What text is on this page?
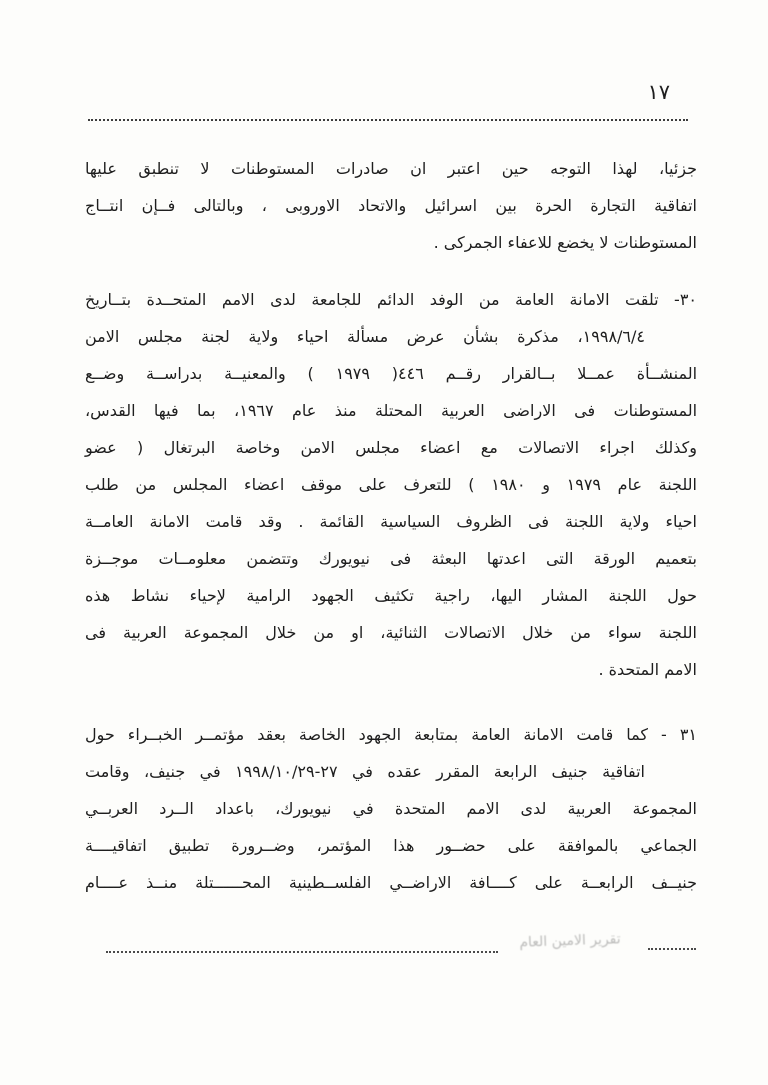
١٧
جزئيا، لهذا التوجه حين اعتبر ان صادرات المستوطنات لا تنطبق عليها
اتفاقية التجارة الحرة بين اسرائيل والاتحاد الاوروبى ، وبالتالى فــإن انتــاج
المستوطنات لا يخضع للاعفاء الجمركى .
٣٠- تلقت الامانة العامة من الوفد الدائم للجامعة لدى الامم المتحــدة بتــاريخ
١٩٩٨/٦/٤، مذكرة بشأن عرض مسألة احياء ولاية لجنة مجلس الامن
المنشــأة عمــلا بــالقرار رقــم ٤٤٦( ١٩٧٩ ) والمعنيــة بدراســة وضــع
المستوطنات فى الاراضى العربية المحتلة منذ عام ١٩٦٧، بما فيها القدس،
وكذلك اجراء الاتصالات مع اعضاء مجلس الامن وخاصة البرتغال ( عضو
اللجنة عام ١٩٧٩ و ١٩٨٠ ) للتعرف على موقف اعضاء المجلس من طلب
احياء ولاية اللجنة فى الظروف السياسية القائمة . وقد قامت الامانة العامــة
بتعميم الورقة التى اعدتها البعثة فى نيويورك وتتضمن معلومــات موجــزة
حول اللجنة المشار اليها، راجية تكثيف الجهود الرامية لإحياء نشاط هذه
اللجنة سواء من خلال الاتصالات الثنائية، او من خلال المجموعة العربية فى
الامم المتحدة .
٣١ - كما قامت الامانة العامة بمتابعة الجهود الخاصة بعقد مؤتمــر الخبــراء حول
اتفاقية جنيف الرابعة المقرر عقده في ٢٧-١٩٩٨/١٠/٢٩ في جنيف، وقامت
المجموعة العربية لدى الامم المتحدة في نيويورك، باعداد الــرد العربــي
الجماعي بالموافقة على حضــور هذا المؤتمر، وضــرورة تطبيق اتفاقيــــة
جنيــف الرابعــة على كــــافة الاراضــي الفلســطينية المحــــــتلة منــذ عــــام
تقرير الامين العام
